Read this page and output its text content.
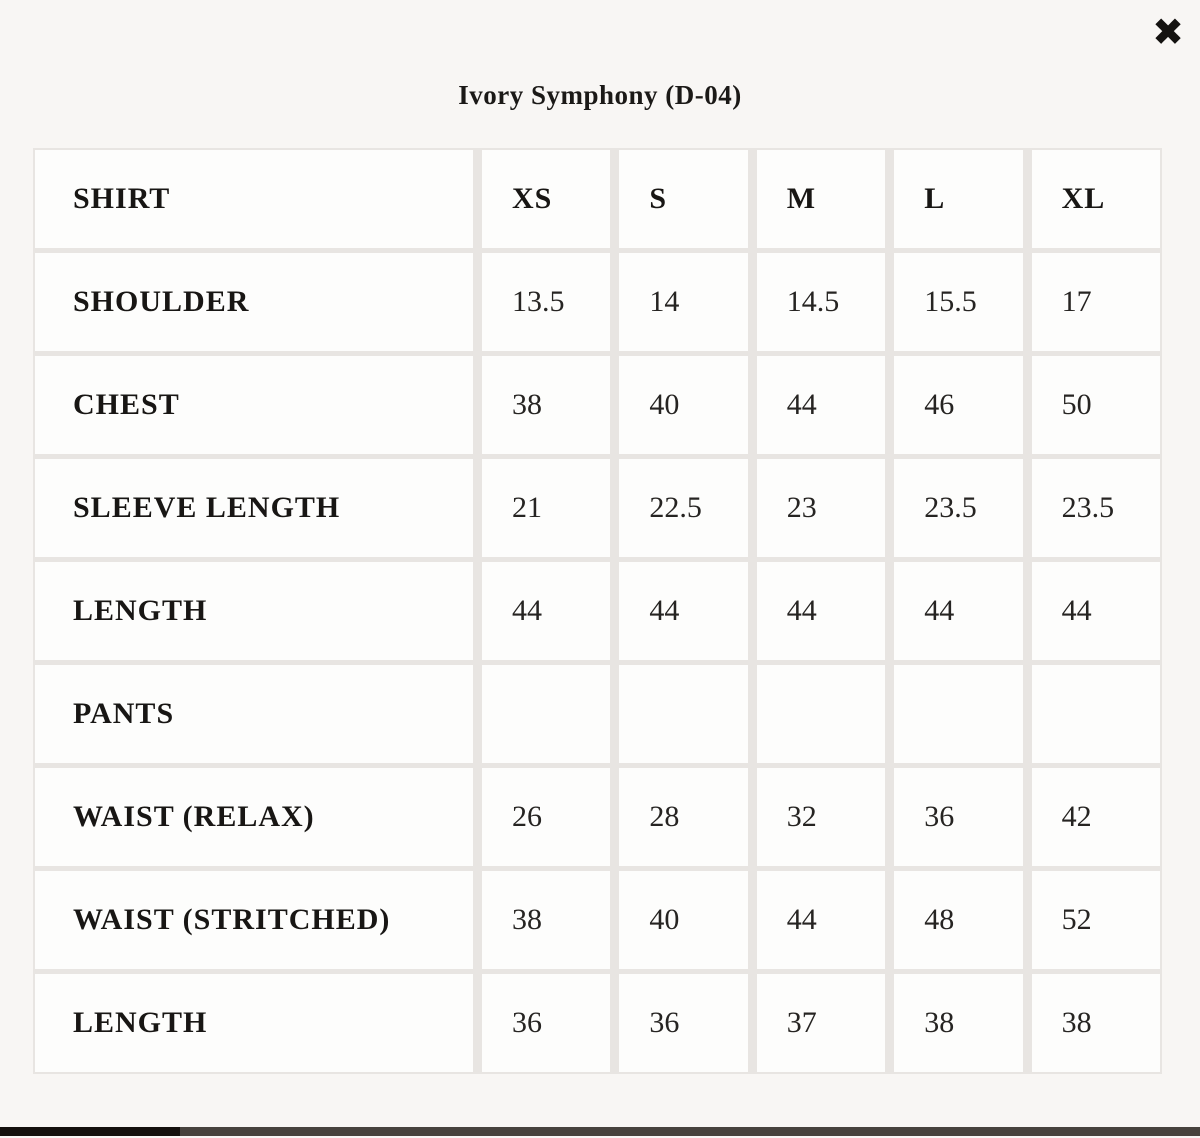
✖
Ivory Symphony (D-04)
SHIRT	XS	S	M	L	XL
SHOULDER	13.5	14	14.5	15.5	17
CHEST	38	40	44	46	50
SLEEVE LENGTH	21	22.5	23	23.5	23.5
LENGTH	44	44	44	44	44
PANTS
WAIST (RELAX)	26	28	32	36	42
WAIST (STRITCHED)	38	40	44	48	52
LENGTH	36	36	37	38	38
